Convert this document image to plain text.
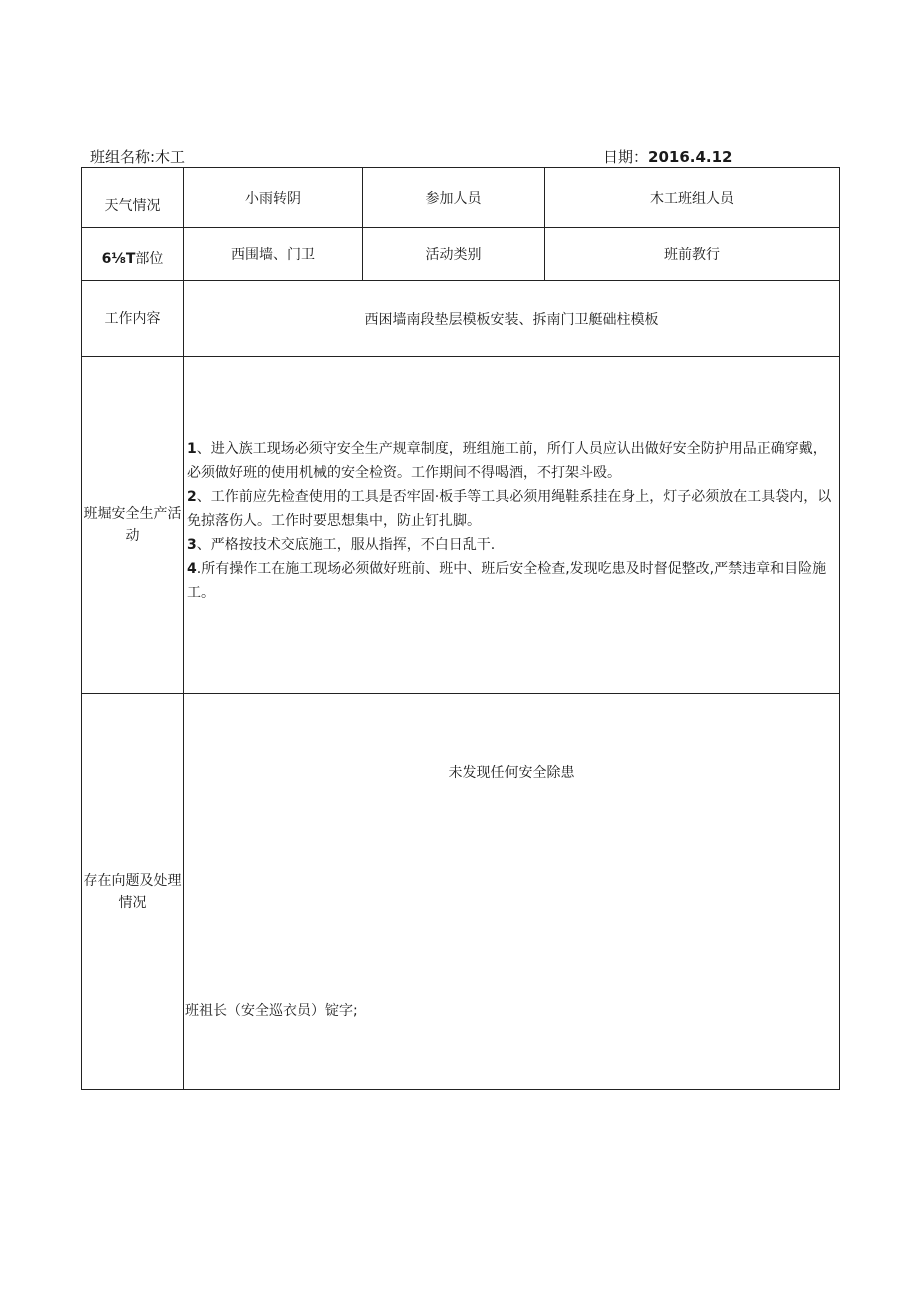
班组名称:木工	日期：2016.4.12
天气情况	小雨转阴	参加人员	木工班组人员
6⅛T部位	西围墙、门卫	活动类别	班前教行
工作内容	西困墙南段垫层模板安装、拆南门卫艇础柱模板		
班堀安全生产活动	1、进入族工现场必须守安全生产规章制度，班组施工前，所仃人员应认出做好安全防护用品正确穿戴，必须做好班的使用机械的安全检资。工作期间不得喝酒，不打架斗殴。

2、工作前应先检查使用的工具是否牢固·板手等工具必须用绳鞋系挂在身上，灯子必须放在工具袋内，以免掠落伤人。工作时要思想集中，防止钉扎脚。

3、严格按技术交底施工，服从指挥，不白日乱干.

4.所有操作工在施工现场必须做好班前、班中、班后安全检查,发现吃患及时督促整改,严禁违章和目险施工。		

存在向题及处理情况	未发现任何安全除患
班祖长（安全巡衣员）锭字;		
